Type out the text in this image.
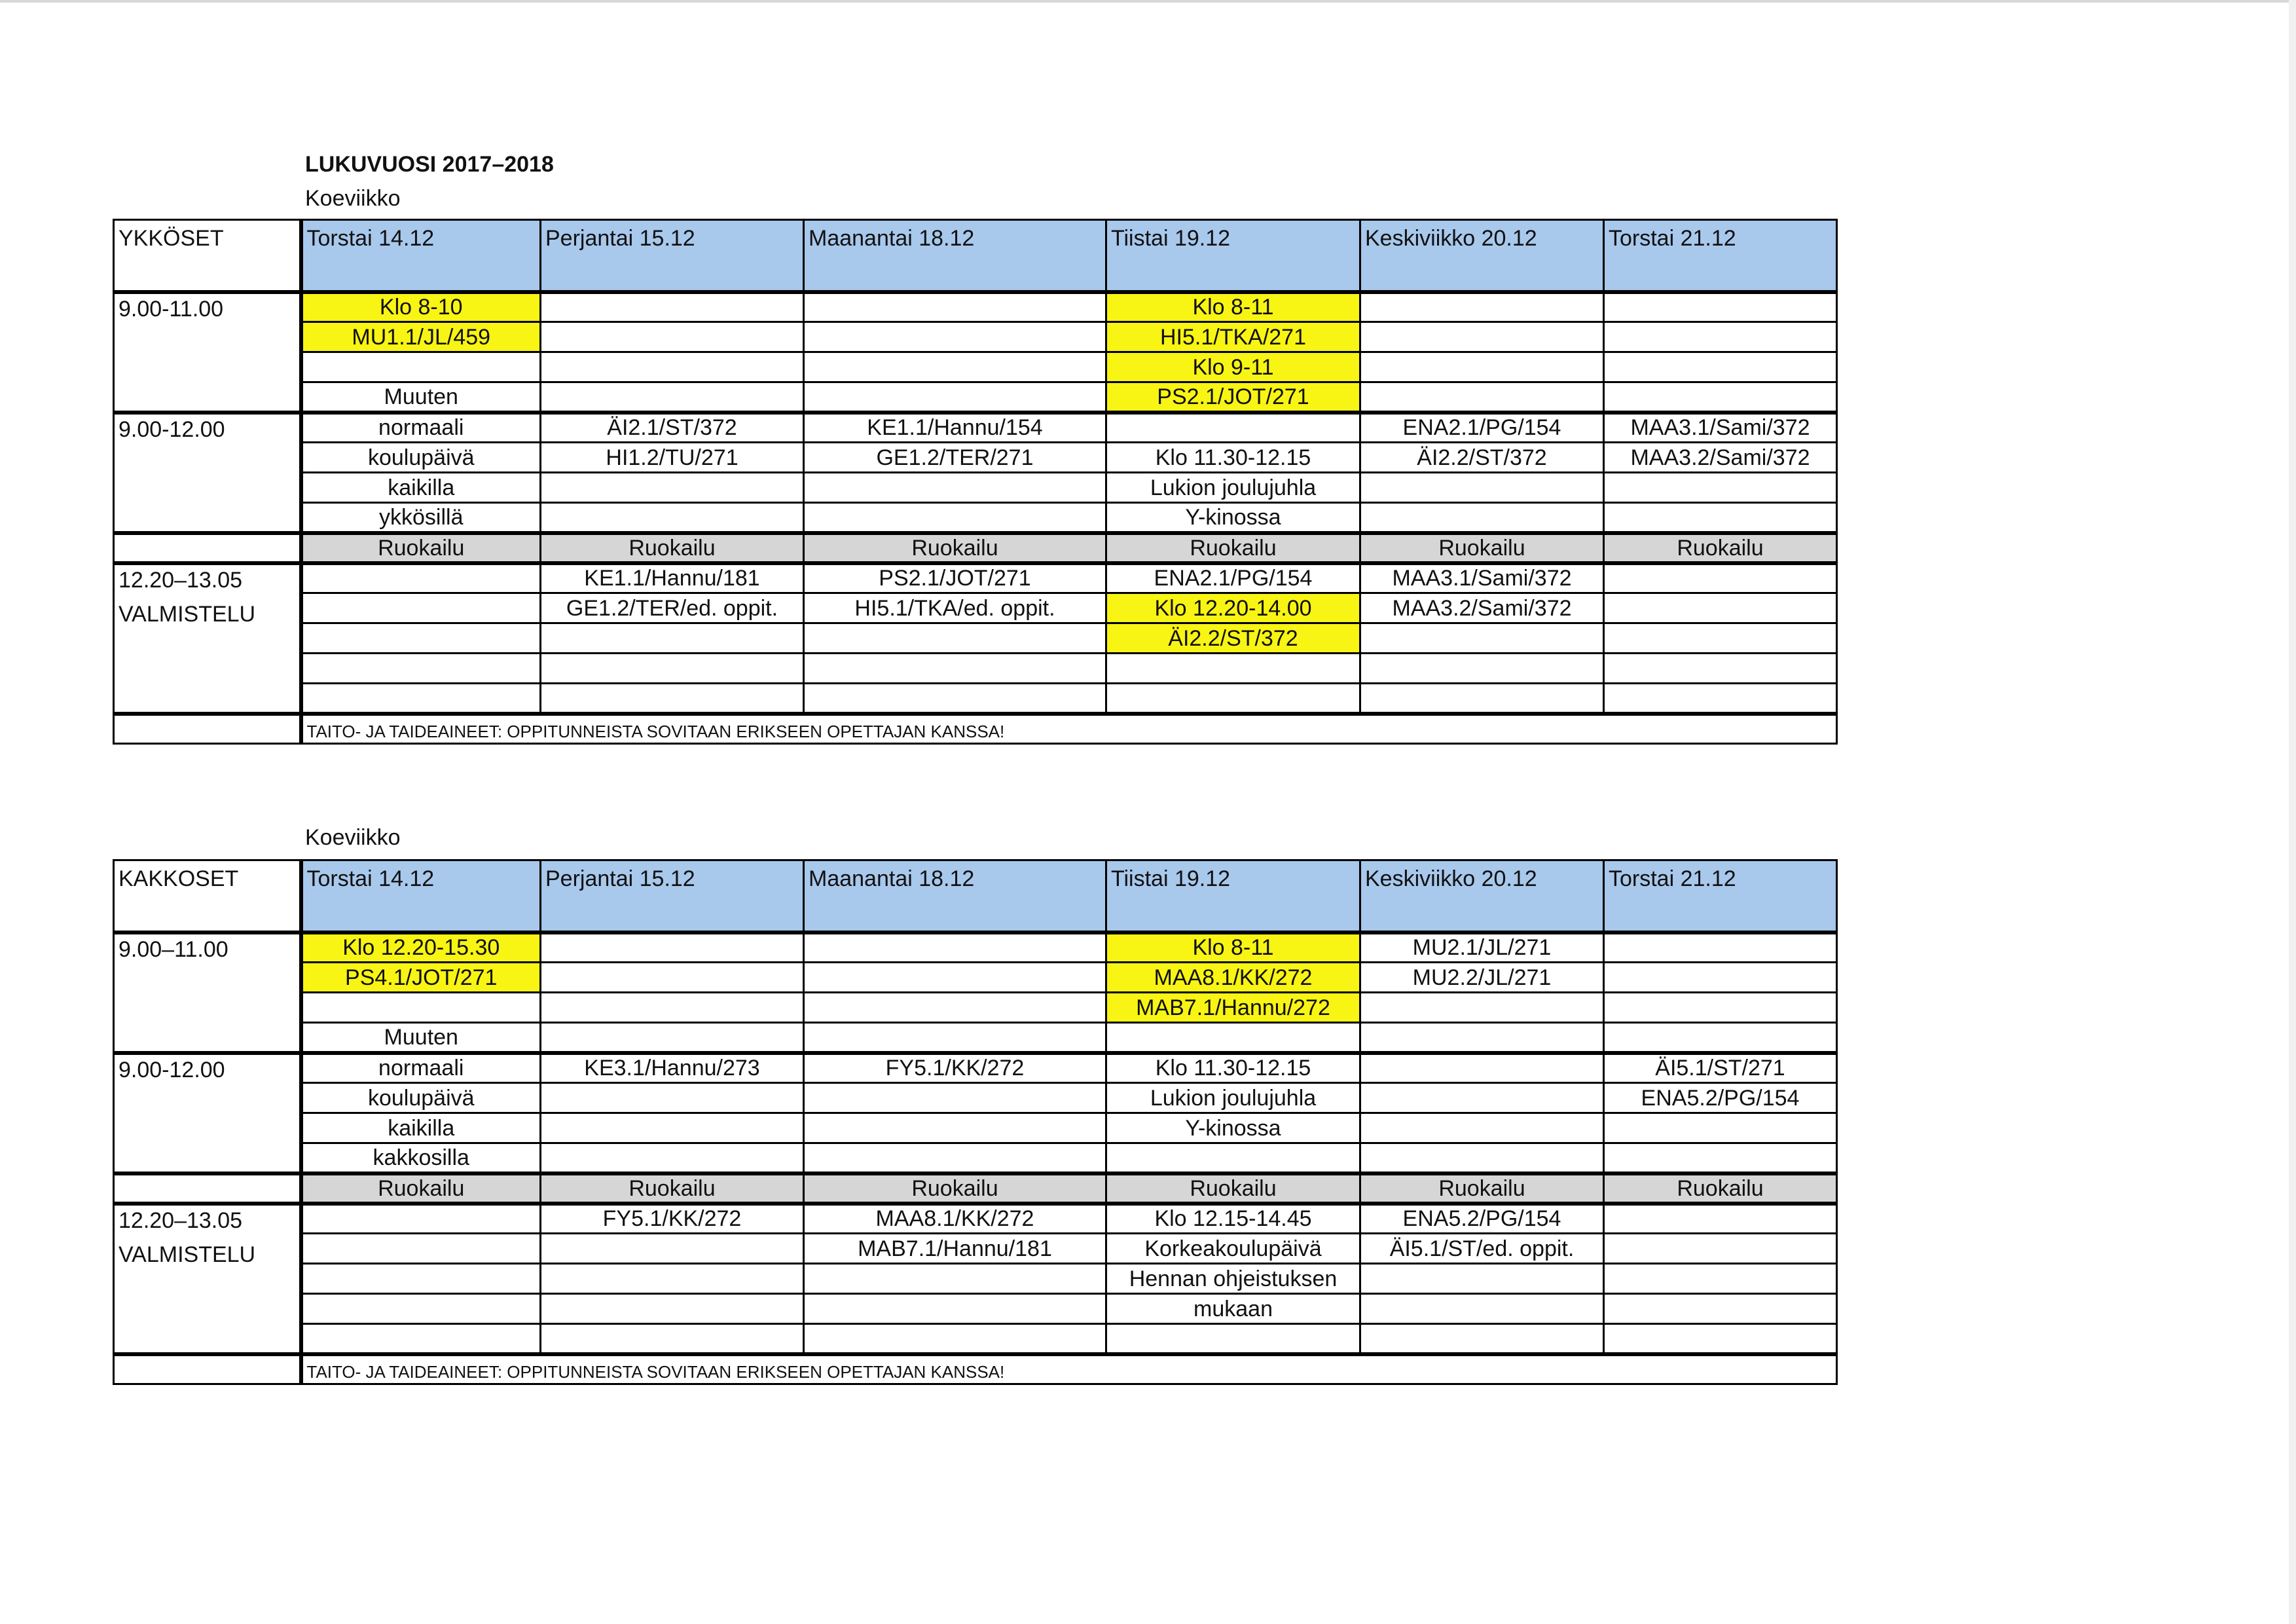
LUKUVUOSI 2017–2018
Koeviikko
Koeviikko
YKKÖSET	Torstai 14.12	Perjantai 15.12	Maanantai 18.12	Tiistai 19.12	Keskiviikko 20.12	Torstai 21.12
9.00-11.00	Klo 8-10			Klo 8-11		
	MU1.1/JL/459			HI5.1/TKA/271		
				Klo 9-11		
	Muuten			PS2.1/JOT/271		
9.00-12.00	normaali	ÄI2.1/ST/372	KE1.1/Hannu/154		ENA2.1/PG/154	MAA3.1/Sami/372
	koulupäivä	HI1.2/TU/271	GE1.2/TER/271	Klo 11.30-12.15	ÄI2.2/ST/372	MAA3.2/Sami/372
	kaikilla			Lukion joulujuhla		
	ykkösillä			Y-kinossa		
	Ruokailu	Ruokailu	Ruokailu	Ruokailu	Ruokailu	Ruokailu

12.20–13.05
VALMISTELU		KE1.1/Hannu/181	PS2.1/JOT/271	ENA2.1/PG/154	MAA3.1/Sami/372	
		GE1.2/TER/ed. oppit.	HI5.1/TKA/ed. oppit.	Klo 12.20-14.00	MAA3.2/Sami/372	
				ÄI2.2/ST/372		

	TAITO- JA TAIDEAINEET: OPPITUNNEISTA SOVITAAN ERIKSEEN OPETTAJAN KANSSA!					
KAKKOSET	Torstai 14.12	Perjantai 15.12	Maanantai 18.12	Tiistai 19.12	Keskiviikko 20.12	Torstai 21.12
9.00–11.00	Klo 12.20-15.30			Klo 8-11	MU2.1/JL/271	
	PS4.1/JOT/271			MAA8.1/KK/272	MU2.2/JL/271	
				MAB7.1/Hannu/272		
	Muuten					
9.00-12.00	normaali	KE3.1/Hannu/273	FY5.1/KK/272	Klo 11.30-12.15		ÄI5.1/ST/271
	koulupäivä			Lukion joulujuhla		ENA5.2/PG/154
	kaikilla			Y-kinossa		
	kakkosilla					
	Ruokailu	Ruokailu	Ruokailu	Ruokailu	Ruokailu	Ruokailu

12.20–13.05
VALMISTELU		FY5.1/KK/272	MAA8.1/KK/272	Klo 12.15-14.45	ENA5.2/PG/154	
			MAB7.1/Hannu/181	Korkeakoulupäivä	ÄI5.1/ST/ed. oppit.	
				Hennan ohjeistuksen		
				mukaan		

	TAITO- JA TAIDEAINEET: OPPITUNNEISTA SOVITAAN ERIKSEEN OPETTAJAN KANSSA!					
